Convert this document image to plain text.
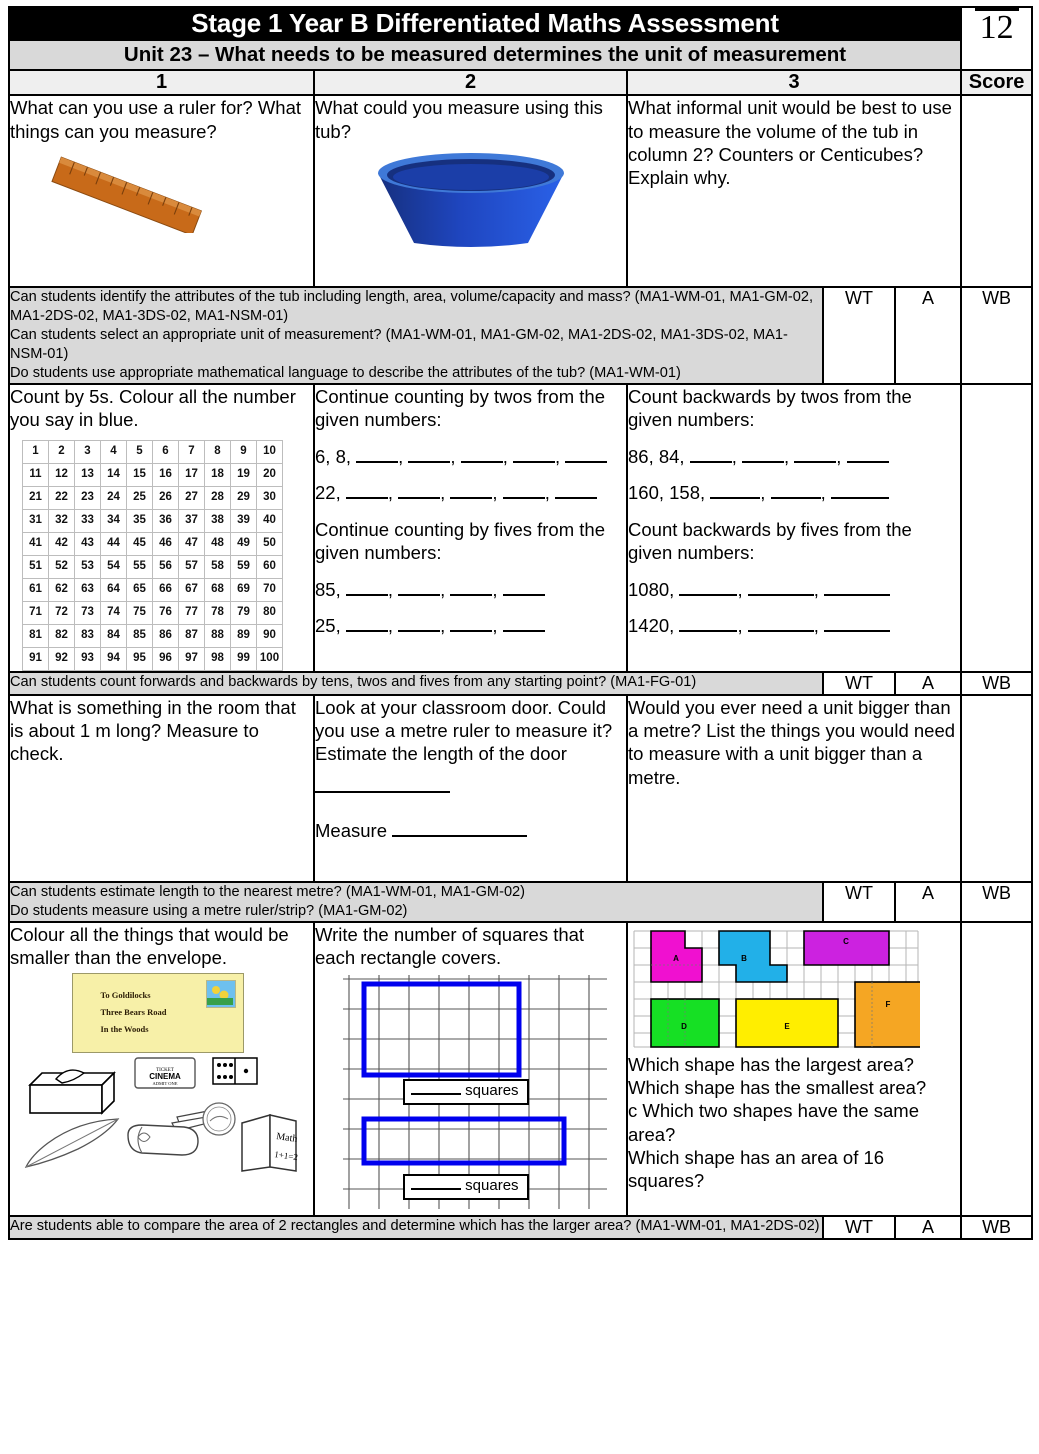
Stage 1 Year B Differentiated Maths Assessment	12
Unit 23 – What needs to be measured determines the unit of measurement
1	2	3	Score

What can you use a ruler for? What things can you measure?

What could you measure using this tub?

What informal unit would be best to use to measure the volume of the tub in column 2? Counters or Centicubes? Explain why.

Can students identify the attributes of the tub including length, area, volume/capacity and mass? (MA1-WM-01, MA1-GM-02, MA1-2DS-02, MA1-3DS-02, MA1-NSM-01)

Can students select an appropriate unit of measurement? (MA1-WM-01, MA1-GM-02, MA1-2DS-02, MA1-3DS-02, MA1-NSM-01)

Do students use appropriate mathematical language to describe the attributes of the tub? (MA1-WM-01)

	WT	A	WB

Count by 5s. Colour all the number you say in blue.

1	2	3	4	5	6	7	8	9	10
11	12	13	14	15	16	17	18	19	20
21	22	23	24	25	26	27	28	29	30
31	32	33	34	35	36	37	38	39	40
41	42	43	44	45	46	47	48	49	50
51	52	53	54	55	56	57	58	59	60
61	62	63	64	65	66	67	68	69	70
71	72	73	74	75	76	77	78	79	80
81	82	83	84	85	86	87	88	89	90
91	92	93	94	95	96	97	98	99	100

Continue counting by twos from the given numbers:

6, 8,	, , , ,

22,	, , , ,

Continue counting by fives from the given numbers:

85,	, , ,

25,	, , ,

Count backwards by twos from the given numbers:

86, 84,	, , ,

160, 158,	,	,

Count backwards by fives from the given numbers:

1080,	,	,

1420,	,	,

Can students count forwards and backwards by tens, twos and fives from any starting point? (MA1-FG-01)	WT	A	WB

What is something in the room that is about 1 m long? Measure to check.

Look at your classroom door. Could you use a metre ruler to measure it?

Estimate the length of the door

Measure

Would you ever need a unit bigger than a metre? List the things you would need to measure with a unit bigger than a metre.

Can students estimate length to the nearest metre? (MA1-WM-01, MA1-GM-02)

Do students measure using a metre ruler/strip? (MA1-GM-02)

	WT	A	WB

Colour all the things that would be smaller than the envelope.

To Goldilocks
Three Bears Road
In the Woods
TICKET
CINEMA
ADMIT ONE
Math
1+1=2

Write the number of squares that each rectangle covers.

squares
squares

A	B
C
D	E
F

Which shape has the largest area?

Which shape has the smallest area?

c Which two shapes have the same area?

Which shape has an area of 16 squares?

Are students able to compare the area of 2 rectangles and determine which has the larger area? (MA1-WM-01, MA1-2DS-02)	WT	A	WB
